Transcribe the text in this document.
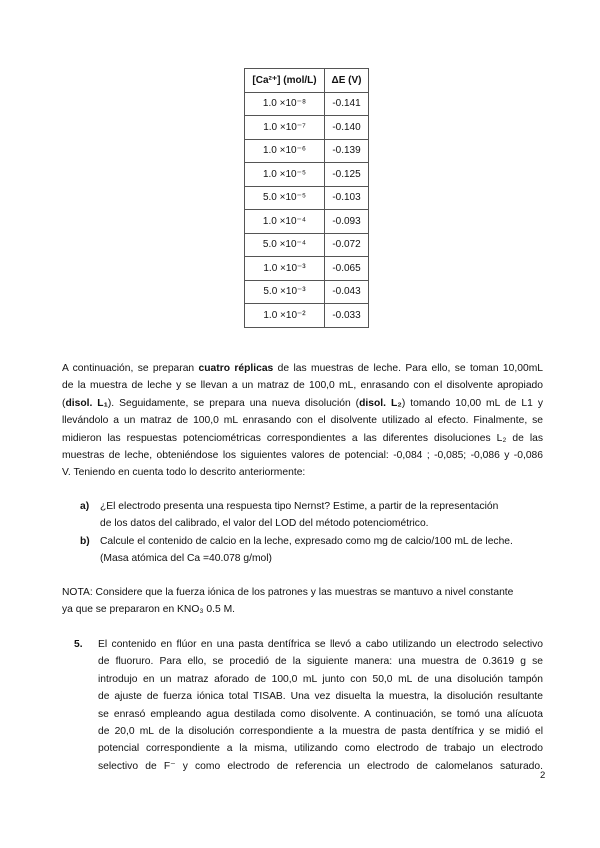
[Ca²⁺] (mol/L)	ΔE (V)
1.0 ×10⁻⁸	-0.141
1.0 ×10⁻⁷	-0.140
1.0 ×10⁻⁶	-0.139
1.0 ×10⁻⁵	-0.125
5.0 ×10⁻⁵	-0.103
1.0 ×10⁻⁴	-0.093
5.0 ×10⁻⁴	-0.072
1.0 ×10⁻³	-0.065
5.0 ×10⁻³	-0.043
1.0 ×10⁻²	-0.033
A continuación, se preparan cuatro réplicas de las muestras de leche. Para ello, se toman 10,00mL
de la muestra de leche y se llevan a un matraz de 100,0 mL, enrasando con el disolvente apropiado
(disol. L₁). Seguidamente, se prepara una nueva disolución (disol. L₂) tomando 10,00 mL de L1 y
llevándolo a un matraz de 100,0 mL enrasando con el disolvente utilizado al efecto. Finalmente, se
midieron las respuestas potenciométricas correspondientes a las diferentes disoluciones L₂ de las
muestras de leche, obteniéndose los siguientes valores de potencial: -0,084 ; -0,085; -0,086 y -0,086
V. Teniendo en cuenta todo lo descrito anteriormente:
a) ¿El electrodo presenta una respuesta tipo Nernst? Estime, a partir de la representación
de los datos del calibrado, el valor del LOD del método potenciométrico.
b) Calcule el contenido de calcio en la leche, expresado como mg de calcio/100 mL de leche.
(Masa atómica del Ca =40.078 g/mol)
NOTA: Considere que la fuerza iónica de los patrones y las muestras se mantuvo a nivel constante
ya que se prepararon en KNO₃ 0.5 M.
5. El contenido en flúor en una pasta dentífrica se llevó a cabo utilizando un electrodo selectivo
de fluoruro. Para ello, se procedió de la siguiente manera: una muestra de 0.3619 g se
introdujo en un matraz aforado de 100,0 mL junto con 50,0 mL de una disolución tampón
de ajuste de fuerza iónica total TISAB. Una vez disuelta la muestra, la disolución resultante
se enrasó empleando agua destilada como disolvente. A continuación, se tomó una alícuota
de 20,0 mL de la disolución correspondiente a la muestra de pasta dentífrica y se midió el
potencial correspondiente a la misma, utilizando como electrodo de trabajo un electrodo
selectivo de F⁻ y como electrodo de referencia un electrodo de calomelanos saturado.
2
